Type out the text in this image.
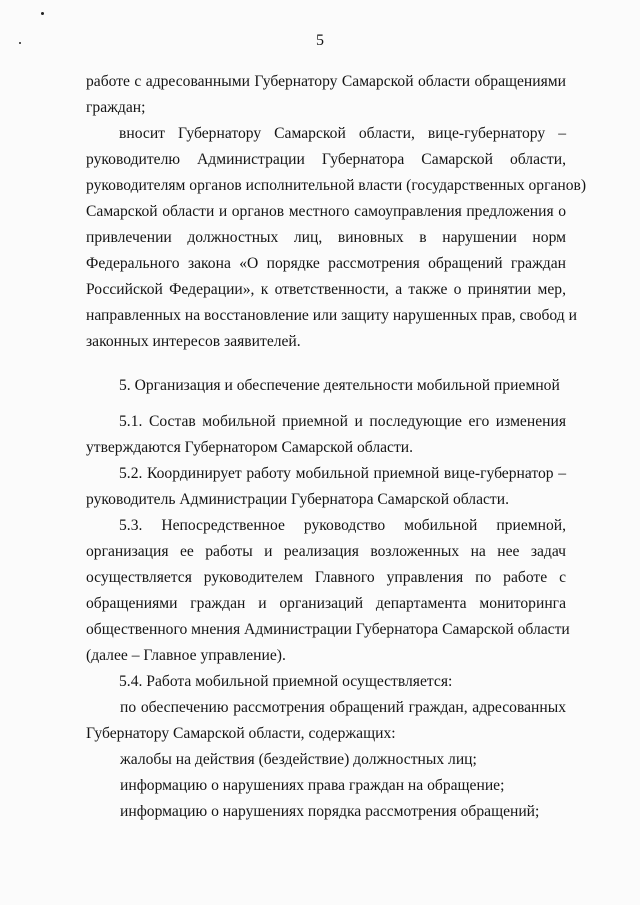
5
работе с адресованными Губернатору Самарской области обращениями
граждан;
вносит Губернатору Самарской области, вице-губернатору –
руководителю Администрации Губернатора Самарской области,
руководителям органов исполнительной власти (государственных органов)
Самарской области и органов местного самоуправления предложения о
привлечении должностных лиц, виновных в нарушении норм
Федерального закона «О порядке рассмотрения обращений граждан
Российской Федерации», к ответственности, а также о принятии мер,
направленных на восстановление или защиту нарушенных прав, свобод и
законных интересов заявителей.
5. Организация и обеспечение деятельности мобильной приемной
5.1. Состав мобильной приемной и последующие его изменения
утверждаются Губернатором Самарской области.
5.2. Координирует работу мобильной приемной вице-губернатор –
руководитель Администрации Губернатора Самарской области.
5.3. Непосредственное руководство мобильной приемной,
организация ее работы и реализация возложенных на нее задач
осуществляется руководителем Главного управления по работе с
обращениями граждан и организаций департамента мониторинга
общественного мнения Администрации Губернатора Самарской области
(далее – Главное управление).
5.4. Работа мобильной приемной осуществляется:
по обеспечению рассмотрения обращений граждан, адресованных
Губернатору Самарской области, содержащих:
жалобы на действия (бездействие) должностных лиц;
информацию о нарушениях права граждан на обращение;
информацию о нарушениях порядка рассмотрения обращений;
